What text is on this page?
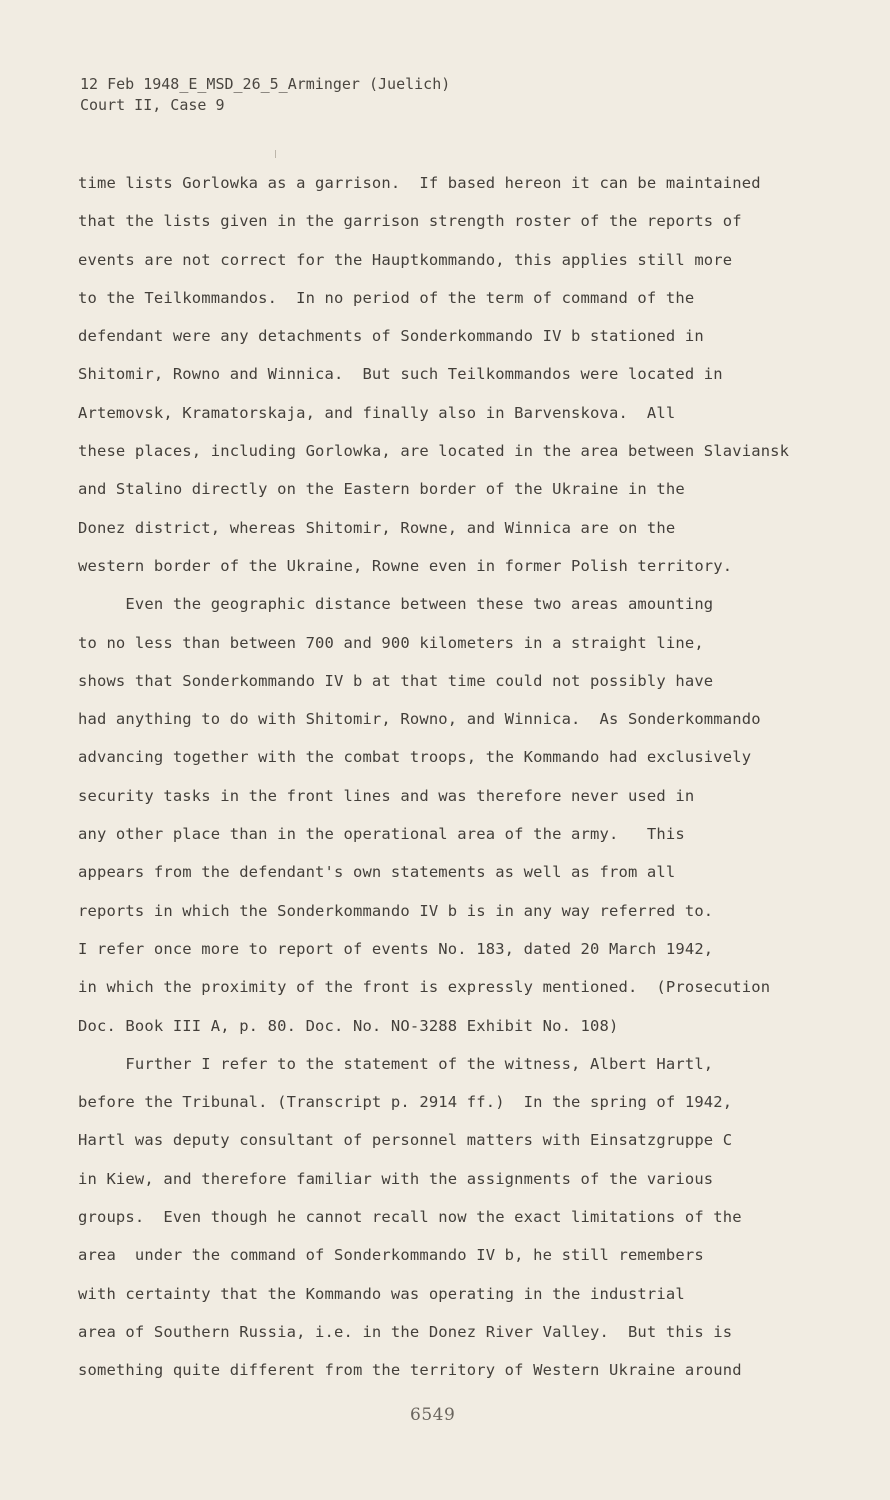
12 Feb 1948_E_MSD_26_5_Arminger (Juelich)
Court II, Case 9
time lists Gorlowka as a garrison.  If based hereon it can be maintained
that the lists given in the garrison strength roster of the reports of
events are not correct for the Hauptkommando, this applies still more
to the Teilkommandos.  In no period of the term of command of the
defendant were any detachments of Sonderkommando IV b stationed in
Shitomir, Rowno and Winnica.  But such Teilkommandos were located in
Artemovsk, Kramatorskaja, and finally also in Barvenskova.  All
these places, including Gorlowka, are located in the area between Slaviansk
and Stalino directly on the Eastern border of the Ukraine in the
Donez district, whereas Shitomir, Rowne, and Winnica are on the
western border of the Ukraine, Rowne even in former Polish territory.
Even the geographic distance between these two areas amounting
to no less than between 700 and 900 kilometers in a straight line,
shows that Sonderkommando IV b at that time could not possibly have
had anything to do with Shitomir, Rowno, and Winnica.  As Sonderkommando
advancing together with the combat troops, the Kommando had exclusively
security tasks in the front lines and was therefore never used in
any other place than in the operational area of the army.   This
appears from the defendant's own statements as well as from all
reports in which the Sonderkommando IV b is in any way referred to.
I refer once more to report of events No. 183, dated 20 March 1942,
in which the proximity of the front is expressly mentioned.  (Prosecution
Doc. Book III A, p. 80. Doc. No. NO-3288 Exhibit No. 108)
Further I refer to the statement of the witness, Albert Hartl,
before the Tribunal. (Transcript p. 2914 ff.)  In the spring of 1942,
Hartl was deputy consultant of personnel matters with Einsatzgruppe C
in Kiew, and therefore familiar with the assignments of the various
groups.  Even though he cannot recall now the exact limitations of the
area  under the command of Sonderkommando IV b, he still remembers
with certainty that the Kommando was operating in the industrial
area of Southern Russia, i.e. in the Donez River Valley.  But this is
something quite different from the territory of Western Ukraine around
6549
